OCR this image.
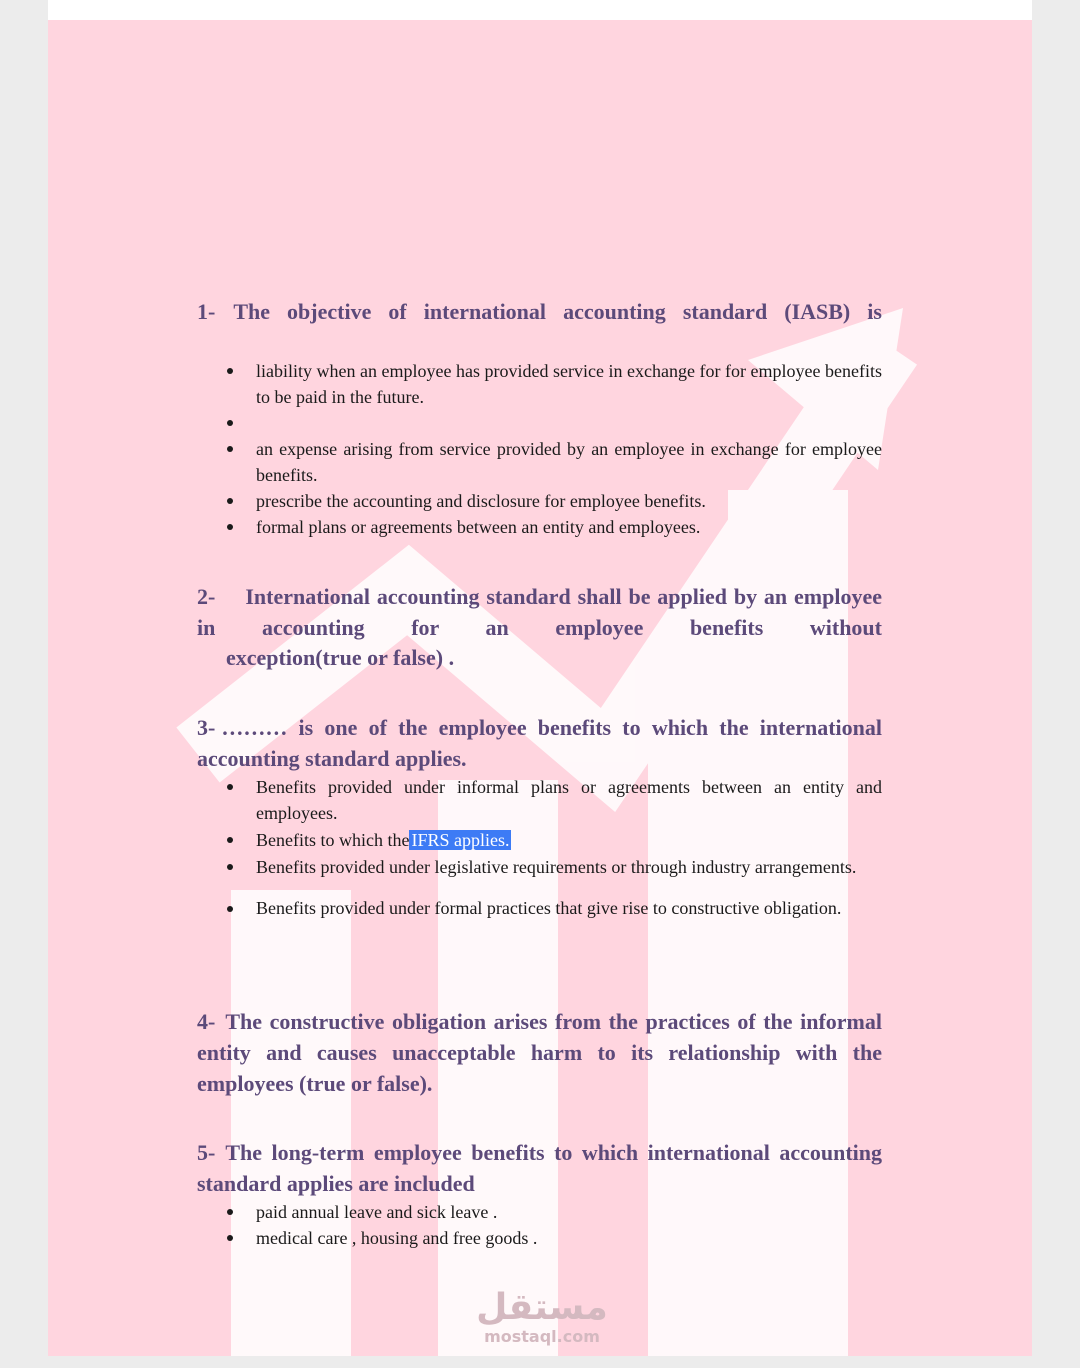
1- The objective of international accounting standard (IASB) is
liability when an employee has provided service in exchange for for employee benefits to be paid in the future.
an expense arising from service provided by an employee in exchange for employee benefits.
prescribe the accounting and disclosure for employee benefits.
formal plans or agreements between an entity and employees.
2- International accounting standard shall be applied by an employee in accounting for an employee benefits without
exception(true or false) .
3- ……… is one of the employee benefits to which the international accounting standard applies.
Benefits provided under informal plans or agreements between an entity and employees.
Benefits to which the IFRS applies.
Benefits provided under legislative requirements or through industry arrangements.
Benefits provided under formal practices that give rise to constructive obligation.
4- The constructive obligation arises from the practices of the informal entity and causes unacceptable harm to its relationship with the employees (true or false).
5- The long-term employee benefits to which international accounting standard applies are included
paid annual leave and sick leave .
medical care , housing and free goods .
مستقل
mostaql.com
